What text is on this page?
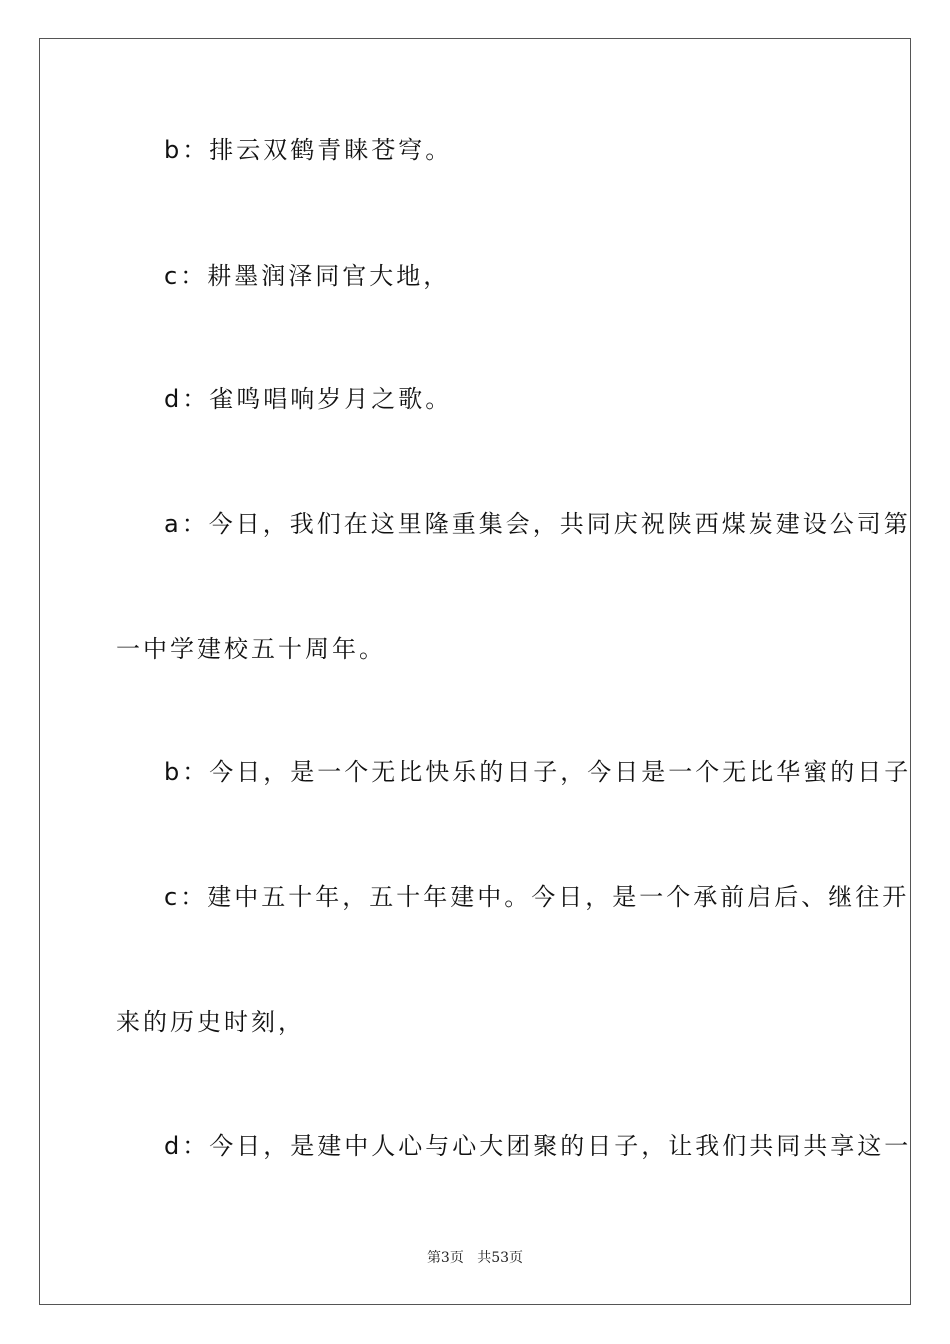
b：排云双鹤青睐苍穹。
c：耕墨润泽同官大地，
d：雀鸣唱响岁月之歌。
a：今日，我们在这里隆重集会，共同庆祝陕西煤炭建设公司第
一中学建校五十周年。
b：今日，是一个无比快乐的日子，今日是一个无比华蜜的日子
c：建中五十年，五十年建中。今日，是一个承前启后、继往开
来的历史时刻，
d：今日，是建中人心与心大团聚的日子，让我们共同共享这一
第3页 共53页
